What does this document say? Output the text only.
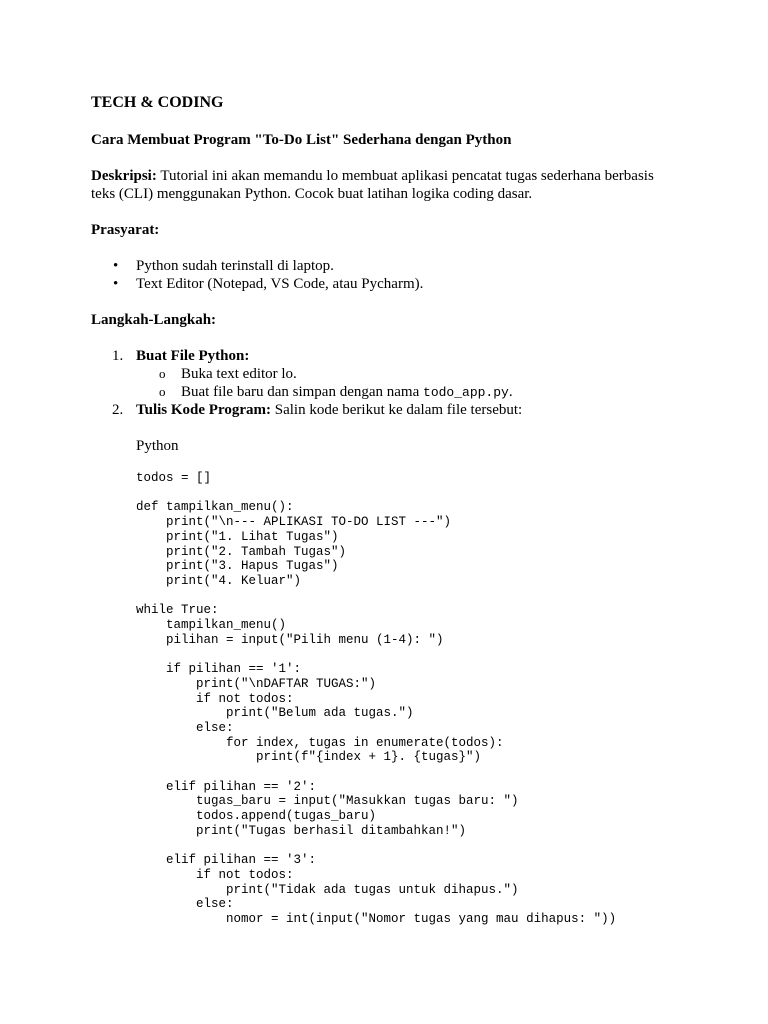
TECH & CODING
Cara Membuat Program "To-Do List" Sederhana dengan Python

Deskripsi: Tutorial ini akan memandu lo membuat aplikasi pencatat tugas sederhana berbasis teks (CLI) menggunakan Python. Cocok buat latihan logika coding dasar.

Prasyarat:

• Python sudah terinstall di laptop.
• Text Editor (Notepad, VS Code, atau Pycharm).

Langkah-Langkah:

1. Buat File Python:
o Buka text editor lo.
o Buat file baru dan simpan dengan nama todo_app.py.
2. Tulis Kode Program: Salin kode berikut ke dalam file tersebut:

Python

todos = []

def tampilkan_menu():
print("\n--- APLIKASI TO-DO LIST ---")
print("1. Lihat Tugas")
print("2. Tambah Tugas")
print("3. Hapus Tugas")
print("4. Keluar")

while True:
tampilkan_menu()
pilihan = input("Pilih menu (1-4): ")

if pilihan == '1':
print("\nDAFTAR TUGAS:")
if not todos:
print("Belum ada tugas.")
else:
for index, tugas in enumerate(todos):
print(f"{index + 1}. {tugas}")

elif pilihan == '2':
tugas_baru = input("Masukkan tugas baru: ")
todos.append(tugas_baru)
print("Tugas berhasil ditambahkan!")

elif pilihan == '3':
if not todos:
print("Tidak ada tugas untuk dihapus.")
else:
nomor = int(input("Nomor tugas yang mau dihapus: "))
